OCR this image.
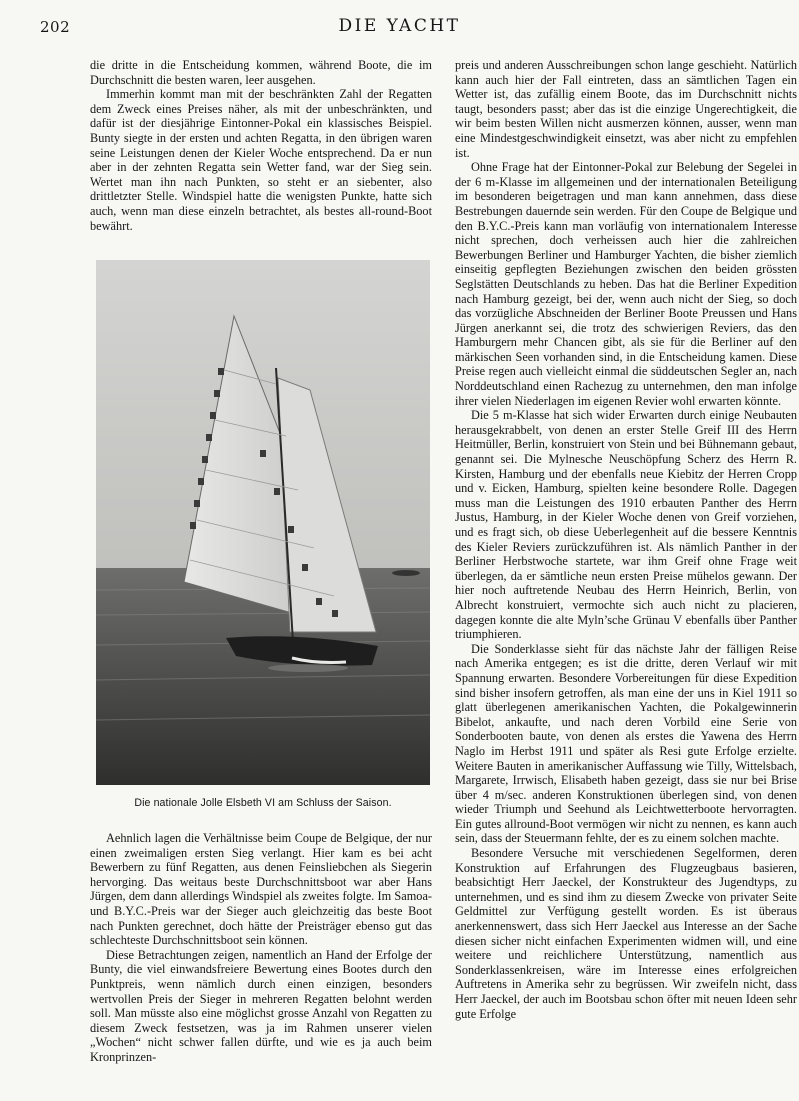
202	DIE YACHT

die dritte in die Entscheidung kommen, während Boote, die im Durchschnitt die besten waren, leer ausgehen.

Immerhin kommt man mit der beschränkten Zahl der Regatten dem Zweck eines Preises näher, als mit der unbeschränkten, und dafür ist der diesjährige Eintonner-Pokal ein klassisches Beispiel. Bunty siegte in der ersten und achten Regatta, in den übrigen waren seine Leistungen denen der Kieler Woche entsprechend. Da er nun aber in der zehnten Regatta sein Wetter fand, war der Sieg sein. Wertet man ihn nach Punkten, so steht er an siebenter, also drittletzter Stelle. Windspiel hatte die wenigsten Punkte, hatte sich auch, wenn man diese einzeln betrachtet, als bestes all-round-Boot bewährt.

Die nationale Jolle Elsbeth VI am Schluss der Saison.

Aehnlich lagen die Verhältnisse beim Coupe de Belgique, der nur einen zweimaligen ersten Sieg verlangt. Hier kam es bei acht Bewerbern zu fünf Regatten, aus denen Feinsliebchen als Siegerin hervorging. Das weitaus beste Durchschnittsboot war aber Hans Jürgen, dem dann allerdings Windspiel als zweites folgte. Im Samoa- und B.Y.C.-Preis war der Sieger auch gleichzeitig das beste Boot nach Punkten gerechnet, doch hätte der Preisträger ebenso gut das schlechteste Durchschnittsboot sein können.

Diese Betrachtungen zeigen, namentlich an Hand der Erfolge der Bunty, die viel einwandsfreiere Bewertung eines Bootes durch den Punktpreis, wenn nämlich durch einen einzigen, besonders wertvollen Preis der Sieger in mehreren Regatten belohnt werden soll. Man müsste also eine möglichst grosse Anzahl von Regatten zu diesem Zweck festsetzen, was ja im Rahmen unserer vielen „Wochen“ nicht schwer fallen dürfte, und wie es ja auch beim Kronprinzen-

preis und anderen Ausschreibungen schon lange geschieht. Natürlich kann auch hier der Fall eintreten, dass an sämtlichen Tagen ein Wetter ist, das zufällig einem Boote, das im Durchschnitt nichts taugt, besonders passt; aber das ist die einzige Ungerechtigkeit, die wir beim besten Willen nicht ausmerzen können, ausser, wenn man eine Mindestgeschwindigkeit einsetzt, was aber nicht zu empfehlen ist.

Ohne Frage hat der Eintonner-Pokal zur Belebung der Segelei in der 6 m-Klasse im allgemeinen und der internationalen Beteiligung im besonderen beigetragen und man kann annehmen, dass diese Bestrebungen dauernde sein werden. Für den Coupe de Belgique und den B.Y.C.-Preis kann man vorläufig von internationalem Interesse nicht sprechen, doch verheissen auch hier die zahlreichen Bewerbungen Berliner und Hamburger Yachten, die bisher ziemlich einseitig gepflegten Beziehungen zwischen den beiden grössten Seglstätten Deutschlands zu heben. Das hat die Berliner Expedition nach Hamburg gezeigt, bei der, wenn auch nicht der Sieg, so doch das vorzügliche Abschneiden der Berliner Boote Preussen und Hans Jürgen anerkannt sei, die trotz des schwierigen Reviers, das den Hamburgern mehr Chancen gibt, als sie für die Berliner auf den märkischen Seen vorhanden sind, in die Entscheidung kamen. Diese Preise regen auch vielleicht einmal die süddeutschen Segler an, nach Norddeutschland einen Rachezug zu unternehmen, den man infolge ihrer vielen Niederlagen im eigenen Revier wohl erwarten könnte.

Die 5 m-Klasse hat sich wider Erwarten durch einige Neubauten herausgekrabbelt, von denen an erster Stelle Greif III des Herrn Heitmüller, Berlin, konstruiert von Stein und bei Bühnemann gebaut, genannt sei. Die Mylnesche Neuschöpfung Scherz des Herrn R. Kirsten, Hamburg und der ebenfalls neue Kiebitz der Herren Cropp und v. Eicken, Hamburg, spielten keine besondere Rolle. Dagegen muss man die Leistungen des 1910 erbauten Panther des Herrn Justus, Hamburg, in der Kieler Woche denen von Greif vorziehen, und es fragt sich, ob diese Ueberlegenheit auf die bessere Kenntnis des Kieler Reviers zurückzuführen ist. Als nämlich Panther in der Berliner Herbstwoche startete, war ihm Greif ohne Frage weit überlegen, da er sämtliche neun ersten Preise mühelos gewann. Der hier noch auftretende Neubau des Herrn Heinrich, Berlin, von Albrecht konstruiert, vermochte sich auch nicht zu placieren, dagegen konnte die alte Myln’sche Grünau V ebenfalls über Panther triumphieren.

Die Sonderklasse sieht für das nächste Jahr der fälligen Reise nach Amerika entgegen; es ist die dritte, deren Verlauf wir mit Spannung erwarten. Besondere Vorbereitungen für diese Expedition sind bisher insofern getroffen, als man eine der uns in Kiel 1911 so glatt überlegenen amerikanischen Yachten, die Pokalgewinnerin Bibelot, ankaufte, und nach deren Vorbild eine Serie von Sonderbooten baute, von denen als erstes die Yawena des Herrn Naglo im Herbst 1911 und später als Resi gute Erfolge erzielte. Weitere Bauten in amerikanischer Auffassung wie Tilly, Wittelsbach, Margarete, Irrwisch, Elisabeth haben gezeigt, dass sie nur bei Brise über 4 m/sec. anderen Konstruktionen überlegen sind, von denen wieder Triumph und Seehund als Leichtwetterboote hervorragten. Ein gutes allround-Boot vermögen wir nicht zu nennen, es kann auch sein, dass der Steuermann fehlte, der es zu einem solchen machte.

Besondere Versuche mit verschiedenen Segelformen, deren Konstruktion auf Erfahrungen des Flugzeugbaus basieren, beabsichtigt Herr Jaeckel, der Konstrukteur des Jugendtyps, zu unternehmen, und es sind ihm zu diesem Zwecke von privater Seite Geldmittel zur Verfügung gestellt worden. Es ist überaus anerkennenswert, dass sich Herr Jaeckel aus Interesse an der Sache diesen sicher nicht einfachen Experimenten widmen will, und eine weitere und reichlichere Unterstützung, namentlich aus Sonderklassenkreisen, wäre im Interesse eines erfolgreichen Auftretens in Amerika sehr zu begrüssen. Wir zweifeln nicht, dass Herr Jaeckel, der auch im Bootsbau schon öfter mit neuen Ideen sehr gute Erfolge
